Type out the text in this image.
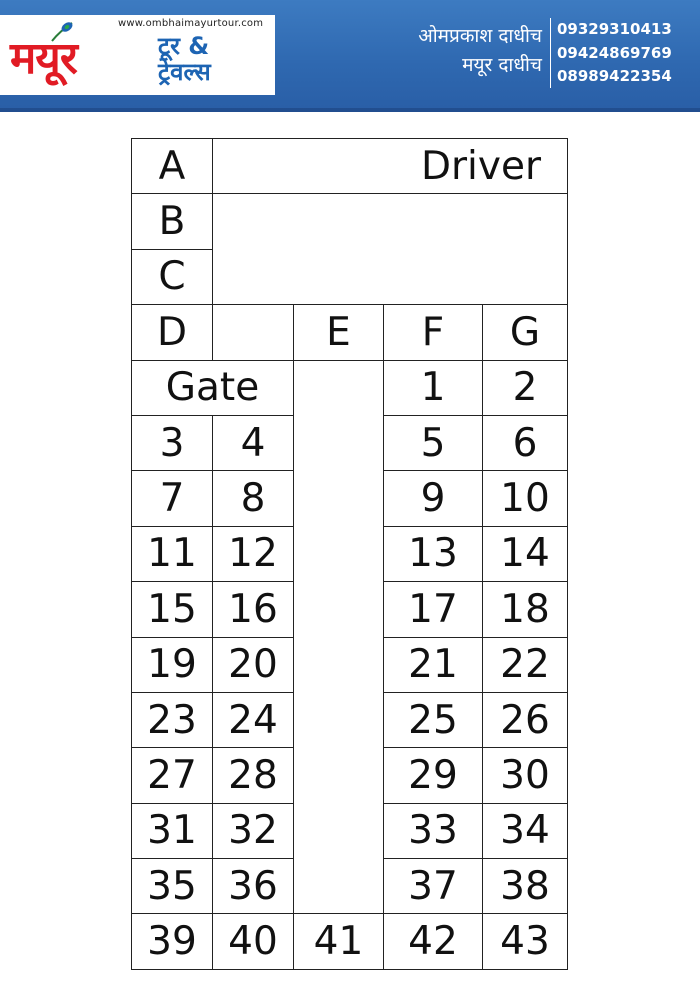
www.ombhaimayurtour.com
मयूर	टूर &
ट्रेवल्स
ओमप्रकाश दाधीच
मयूर दाधीच
09329310413
09424869769
08989422354
A	Driver			
B				
C				
D		E	F	G
Gate			1	2
3	4		5	6
7	8		9	10
11	12		13	14
15	16		17	18
19	20		21	22
23	24		25	26
27	28		29	30
31	32		33	34
35	36		37	38
39	40	41	42	43
